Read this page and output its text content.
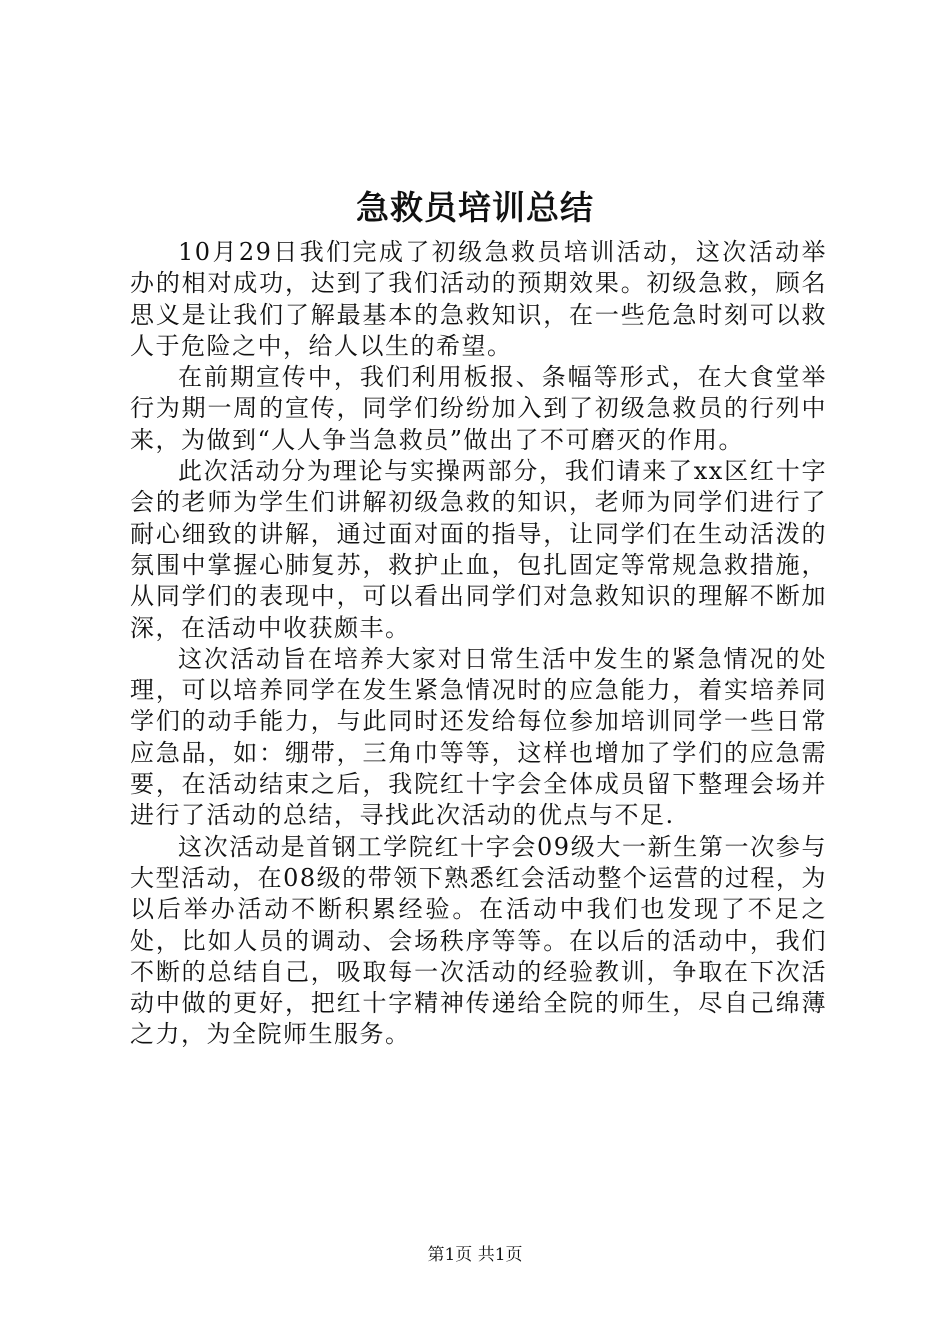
急救员培训总结

10月29日我们完成了初级急救员培训活动，这次活动举办的相对成功，达到了我们活动的预期效果。初级急救，顾名思义是让我们了解最基本的急救知识，在一些危急时刻可以救人于危险之中，给人以生的希望。

在前期宣传中，我们利用板报、条幅等形式，在大食堂举行为期一周的宣传，同学们纷纷加入到了初级急救员的行列中来，为做到“人人争当急救员”做出了不可磨灭的作用。

此次活动分为理论与实操两部分，我们请来了xx区红十字会的老师为学生们讲解初级急救的知识，老师为同学们进行了耐心细致的讲解，通过面对面的指导，让同学们在生动活泼的氛围中掌握心肺复苏，救护止血，包扎固定等常规急救措施，从同学们的表现中，可以看出同学们对急救知识的理解不断加深，在活动中收获颇丰。

这次活动旨在培养大家对日常生活中发生的紧急情况的处理，可以培养同学在发生紧急情况时的应急能力，着实培养同学们的动手能力，与此同时还发给每位参加培训同学一些日常应急品，如：绷带，三角巾等等，这样也增加了学们的应急需要，在活动结束之后，我院红十字会全体成员留下整理会场并进行了活动的总结，寻找此次活动的优点与不足.

这次活动是首钢工学院红十字会09级大一新生第一次参与大型活动，在08级的带领下熟悉红会活动整个运营的过程，为以后举办活动不断积累经验。在活动中我们也发现了不足之处，比如人员的调动、会场秩序等等。在以后的活动中，我们不断的总结自己，吸取每一次活动的经验教训，争取在下次活动中做的更好，把红十字精神传递给全院的师生，尽自己绵薄之力，为全院师生服务。

第1页 共1页
